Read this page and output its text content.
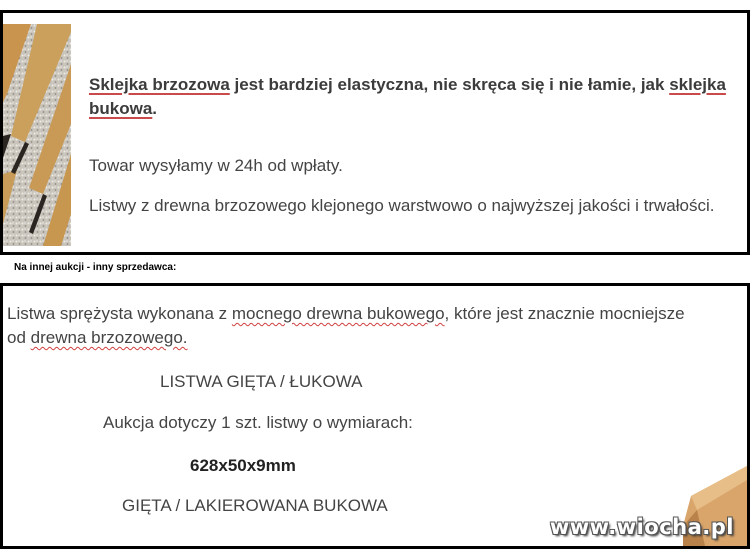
Sklejka brzozowa jest bardziej elastyczna, nie skręca się i nie łamie, jak sklejka bukowa.
Towar wysyłamy w 24h od wpłaty.
Listwy z drewna brzozowego klejonego warstwowo o najwyższej jakości i trwałości.
Na innej aukcji - inny sprzedawca:
Listwa sprężysta wykonana z mocnego drewna bukowego, które jest znacznie mocniejsze od drewna brzozowego.
LISTWA GIĘTA / ŁUKOWA
Aukcja dotyczy 1 szt. listwy o wymiarach:
628x50x9mm
GIĘTA / LAKIEROWANA BUKOWA
www.wiocha.pl
